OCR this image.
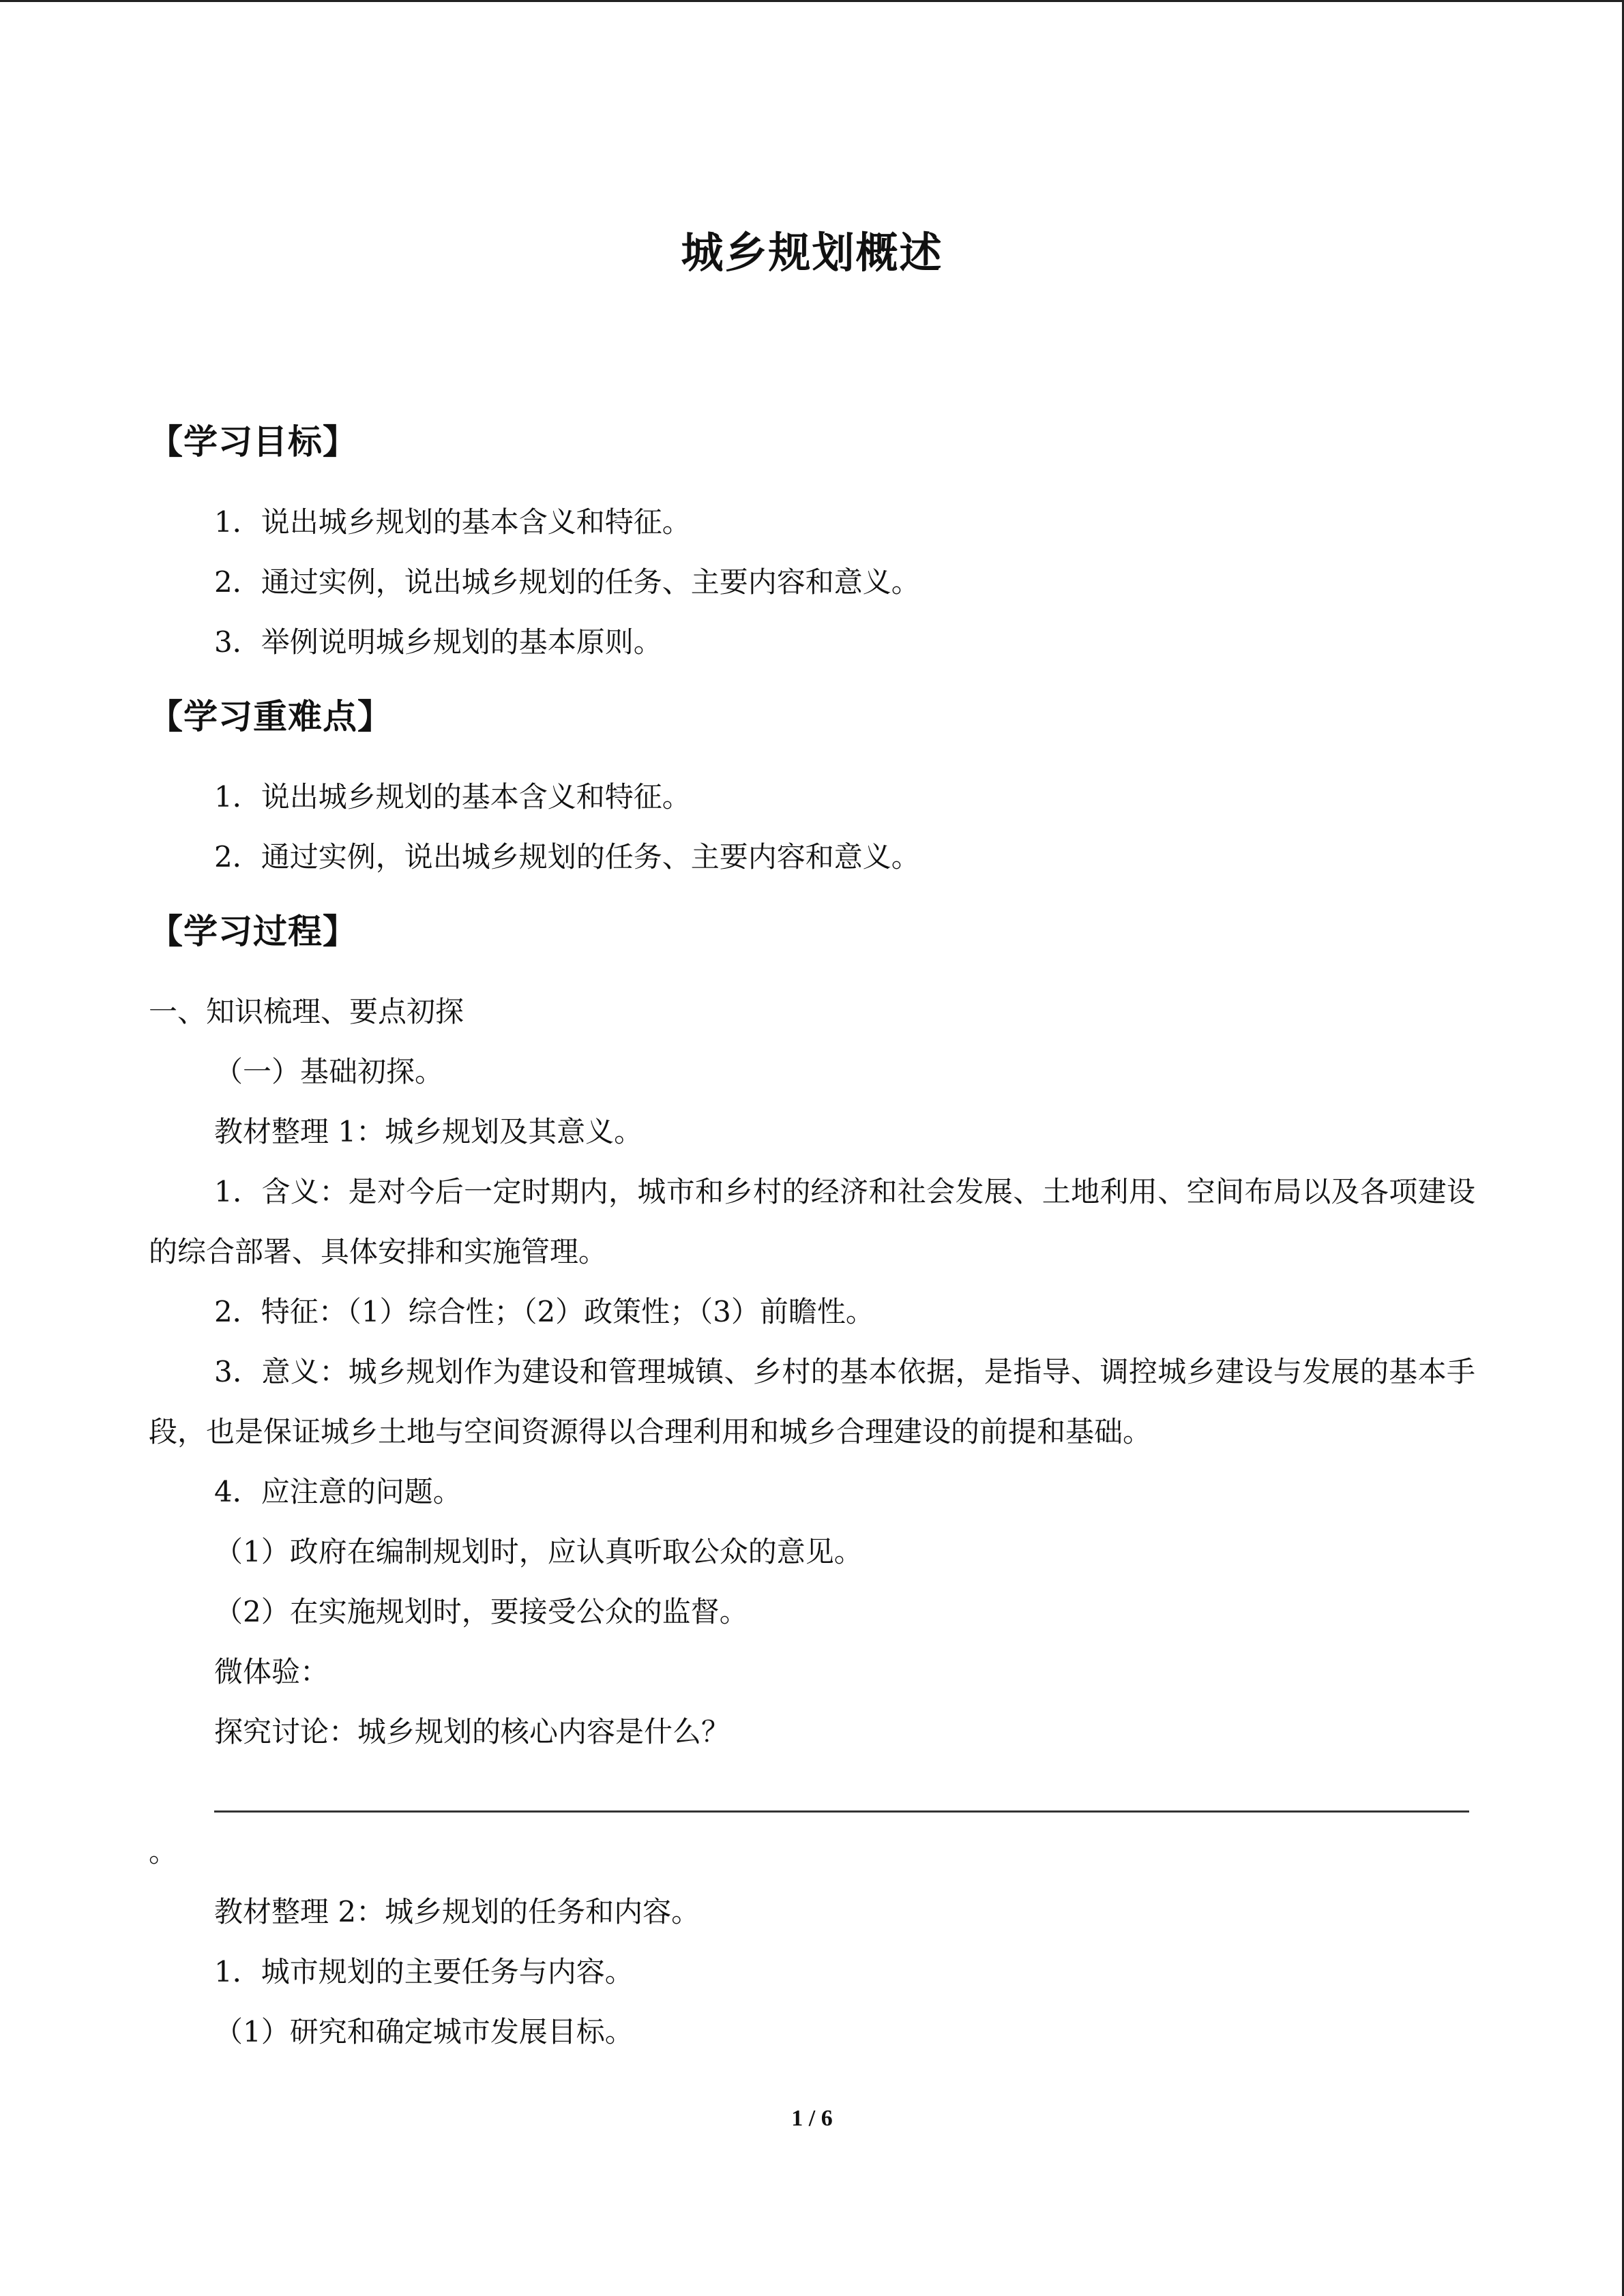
城乡规划概述
【学习目标】
1．说出城乡规划的基本含义和特征。
2．通过实例，说出城乡规划的任务、主要内容和意义。
3．举例说明城乡规划的基本原则。
【学习重难点】
1．说出城乡规划的基本含义和特征。
2．通过实例，说出城乡规划的任务、主要内容和意义。
【学习过程】
一、知识梳理、要点初探
（一）基础初探。
教材整理 1：城乡规划及其意义。
1．含义：是对今后一定时期内，城市和乡村的经济和社会发展、土地利用、空间布局以及各项建设的综合部署、具体安排和实施管理。
2．特征：（1）综合性；（2）政策性；（3）前瞻性。
3．意义：城乡规划作为建设和管理城镇、乡村的基本依据，是指导、调控城乡建设与发展的基本手段，也是保证城乡土地与空间资源得以合理利用和城乡合理建设的前提和基础。
4．应注意的问题。
（1）政府在编制规划时，应认真听取公众的意见。
（2）在实施规划时，要接受公众的监督。
微体验：
探究讨论：城乡规划的核心内容是什么？
。
教材整理 2：城乡规划的任务和内容。
1．城市规划的主要任务与内容。
（1）研究和确定城市发展目标。
1 / 6
